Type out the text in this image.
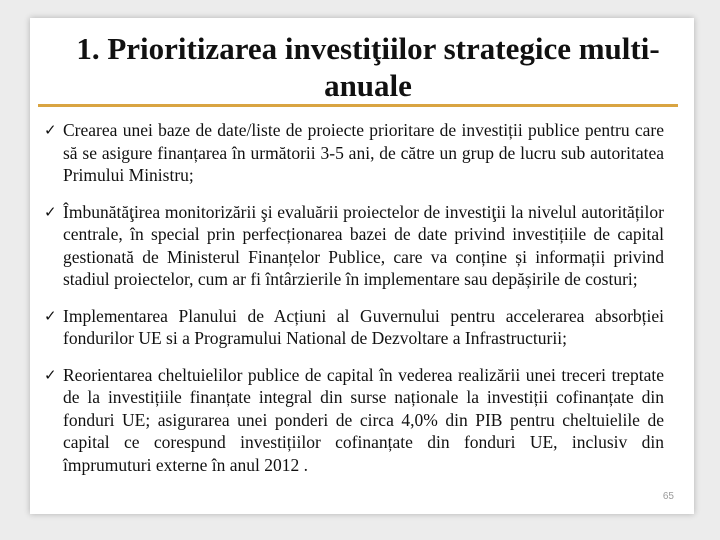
1. Prioritizarea investiţiilor strategice multi-anuale
✓ Crearea unei baze de date/liste de proiecte prioritare de investiții publice pentru care să se asigure finanțarea în următorii 3-5 ani, de către un grup de lucru sub autoritatea Primului Ministru;
✓ Îmbunătăţirea monitorizării şi evaluării proiectelor de investiţii la nivelul autorităților centrale, în special prin perfecționarea bazei de date privind investițiile de capital gestionată de Ministerul Finanțelor Publice, care va conține și informații privind stadiul proiectelor, cum ar fi întârzierile în implementare sau depășirile de costuri;
✓ Implementarea Planului de Acțiuni al Guvernului pentru accelerarea absorbției fondurilor UE si a Programului National de Dezvoltare a Infrastructurii;
✓ Reorientarea cheltuielilor publice de capital în vederea realizării unei treceri treptate de la investițiile finanțate integral din surse naționale la investiții cofinanțate din fonduri UE; asigurarea unei ponderi de circa 4,0% din PIB pentru cheltuielile de capital ce corespund investițiilor cofinanțate din fonduri UE, inclusiv din împrumuturi externe în anul 2012 .
65
